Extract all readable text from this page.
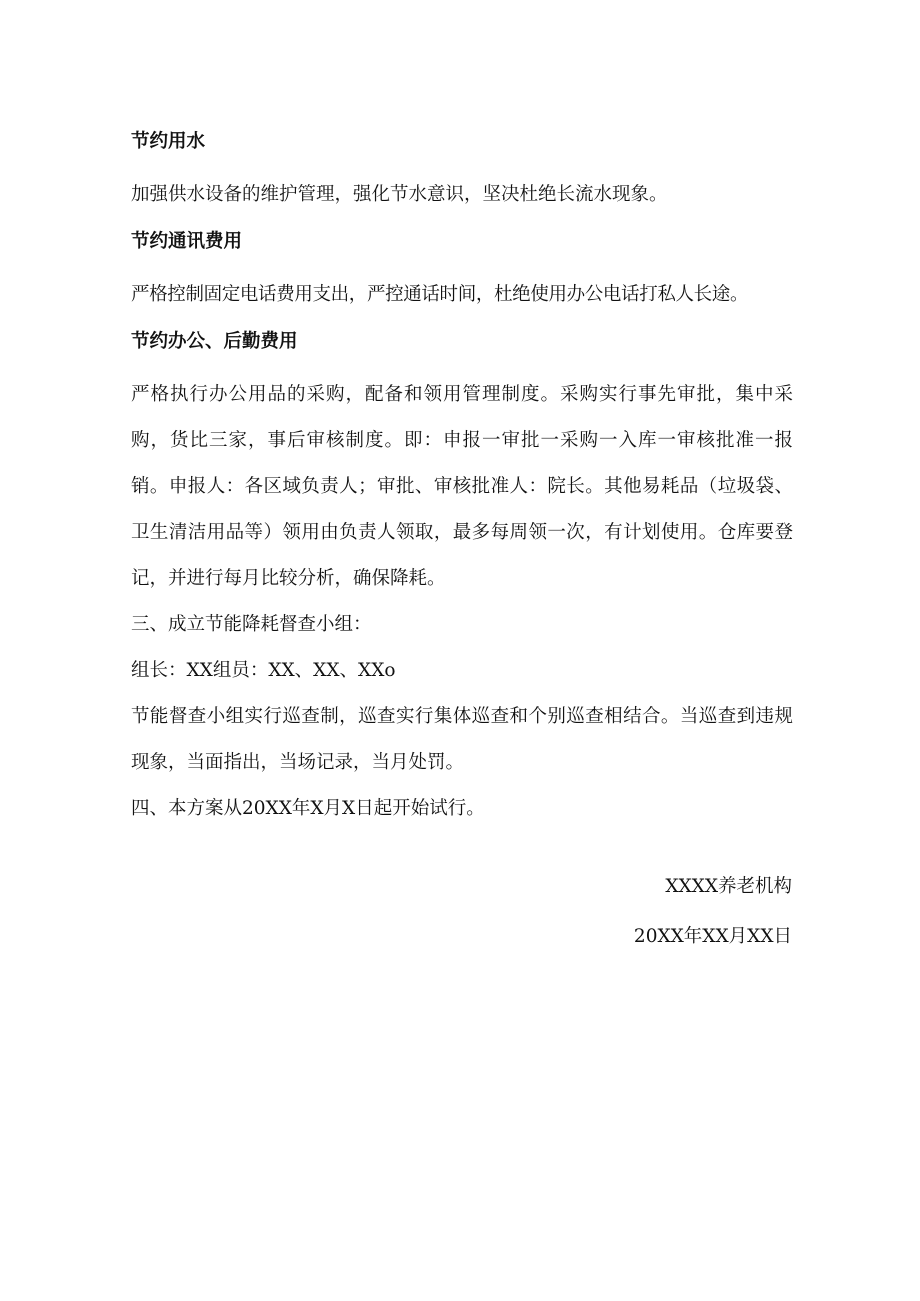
节约用水

加强供水设备的维护管理，强化节水意识，坚决杜绝长流水现象。

节约通讯费用

严格控制固定电话费用支出，严控通话时间，杜绝使用办公电话打私人长途。

节约办公、后勤费用

严格执行办公用品的采购，配备和领用管理制度。采购实行事先审批，集中采购，货比三家，事后审核制度。即：申报一审批一采购一入库一审核批准一报销。申报人：各区域负责人；审批、审核批准人：院长。其他易耗品（垃圾袋、卫生清洁用品等）领用由负责人领取，最多每周领一次，有计划使用。仓库要登记，并进行每月比较分析，确保降耗。

三、成立节能降耗督查小组：

组长：XX组员：XX、XX、XXo

节能督查小组实行巡查制，巡查实行集体巡查和个别巡查相结合。当巡查到违规现象，当面指出，当场记录，当月处罚。

四、本方案从20XX年X月X日起开始试行。

XXXX养老机构
20XX年XX月XX日
